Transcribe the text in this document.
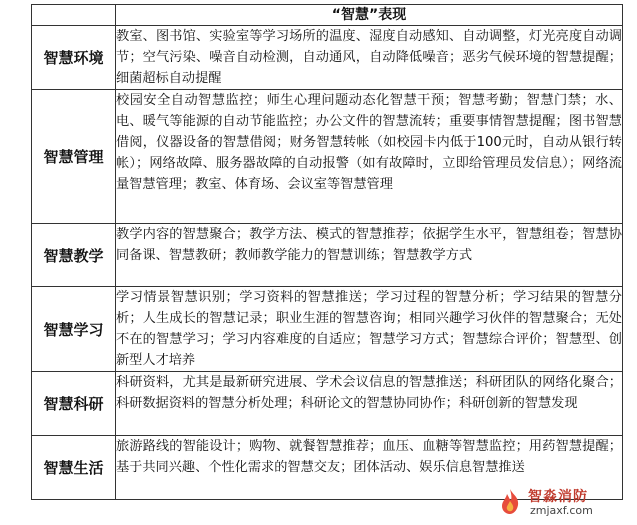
	“智慧”表现
智慧环境	教室、图书馆、实验室等学习场所的温度、湿度自动感知、自动调整，灯光亮度自动调节；空气污染、噪音自动检测，自动通风，自动降低噪音；恶劣气候环境的智慧提醒；细菌超标自动提醒
智慧管理	校园安全自动智慧监控；师生心理问题动态化智慧干预；智慧考勤；智慧门禁；水、电、暖气等能源的自动节能监控；办公文件的智慧流转；重要事情智慧提醒；图书智慧借阅，仪器设备的智慧借阅；财务智慧转帐（如校园卡内低于100元时，自动从银行转帐）；网络故障、服务器故障的自动报警（如有故障时，立即给管理员发信息）；网络流量智慧管理；教室、体育场、会议室等智慧管理
智慧教学	教学内容的智慧聚合；教学方法、模式的智慧推荐；依据学生水平，智慧组卷；智慧协同备课、智慧教研；教师教学能力的智慧训练；智慧教学方式
智慧学习	学习情景智慧识别；学习资料的智慧推送；学习过程的智慧分析；学习结果的智慧分析；人生成长的智慧记录；职业生涯的智慧咨询；相同兴趣学习伙伴的智慧聚合；无处不在的智慧学习；学习内容难度的自适应；智慧学习方式；智慧综合评价；智慧型、创新型人才培养
智慧科研	科研资料，尤其是最新研究进展、学术会议信息的智慧推送；科研团队的网络化聚合；科研数据资料的智慧分析处理；科研论文的智慧协同协作；科研创新的智慧发现
智慧生活	旅游路线的智能设计；购物、就餐智慧推荐；血压、血糖等智慧监控；用药智慧提醒；基于共同兴趣、个性化需求的智慧交友；团体活动、娱乐信息智慧推送
智淼消防
zmjaxf.com
